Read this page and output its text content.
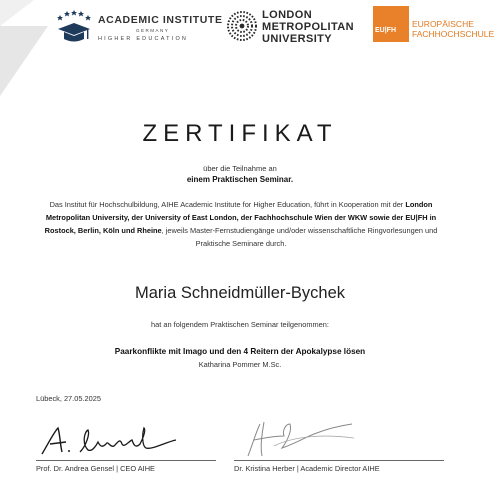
ACADEMIC INSTITUTE
GERMANY
HIGHER EDUCATION
LONDON
METROPOLITAN
UNIVERSITY
EU|FH
EUROPÄISCHE
FACHHOCHSCHULE
ZERTIFIKAT
über die Teilnahme an
einem Praktischen Seminar.
Das Institut für Hochschulbildung, AIHE Academic Institute for Higher Education, führt in Kooperation mit der London Metropolitan University, der University of East London, der Fachhochschule Wien der WKW sowie der EU|FH in Rostock, Berlin, Köln und Rheine, jeweils Master-Fernstudiengänge und/oder wissenschaftliche Ringvorlesungen und Praktische Seminare durch.
Maria Schneidmüller-Bychek
hat an folgendem Praktischen Seminar teilgenommen:
Paarkonflikte mit Imago und den 4 Reitern der Apokalypse lösen
Katharina Pommer M.Sc.
Lübeck, 27.05.2025
Prof. Dr. Andrea Gensel | CEO AIHE	Dr. Kristina Herber | Academic Director AIHE
